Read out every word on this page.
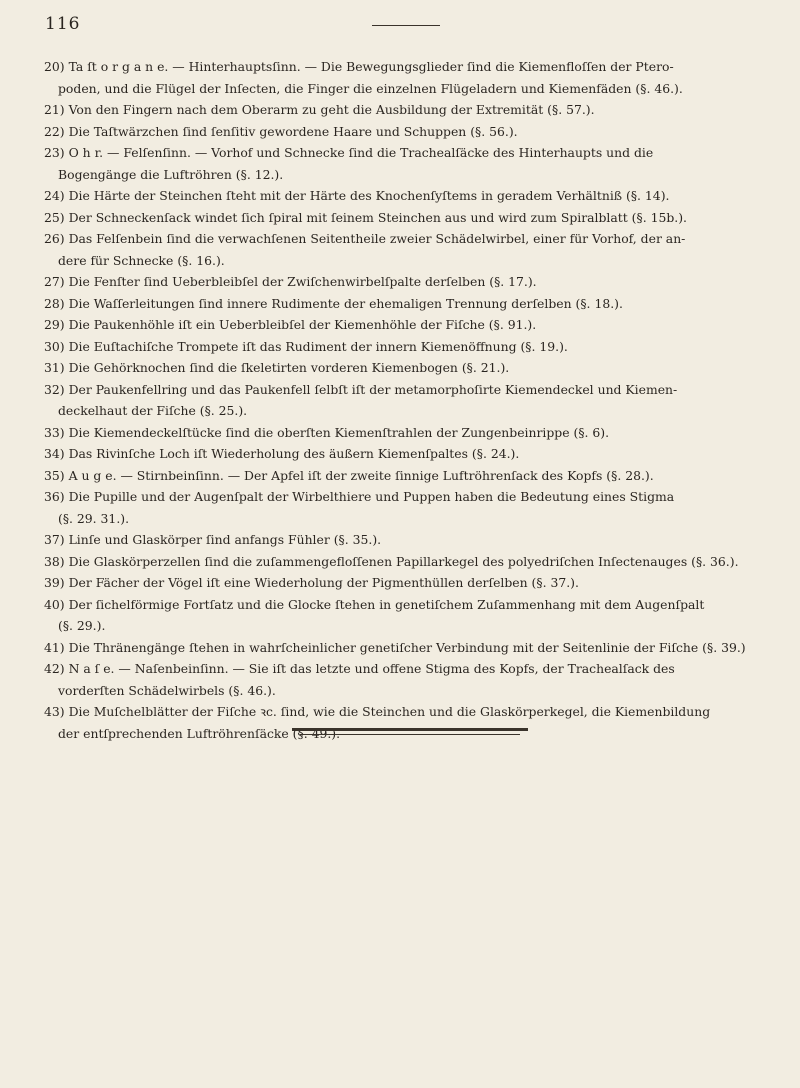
116
20) Ta ſt o r g a n e. — Hinterhauptsſinn. — Die Bewegungsglieder ſind die Kiemenfloſſen der Ptero-
poden, und die Flügel der Inſecten, die Finger die einzelnen Flügeladern und Kiemenfäden (§. 46.).
21) Von den Fingern nach dem Oberarm zu geht die Ausbildung der Extremität (§. 57.).
22) Die Taſtwärzchen ſind ſenſitiv gewordene Haare und Schuppen (§. 56.).
23) O h r. — Felſenſinn. — Vorhof und Schnecke ſind die Trachealſäcke des Hinterhaupts und die
Bogengänge die Luftröhren (§. 12.).
24) Die Härte der Steinchen ſteht mit der Härte des Knochenſyſtems in geradem Verhältniß (§. 14).
25) Der Schneckenſack windet ſich ſpiral mit ſeinem Steinchen aus und wird zum Spiralblatt (§. 15b.).
26) Das Felſenbein ſind die verwachſenen Seitentheile zweier Schädelwirbel, einer für Vorhof, der an-
dere für Schnecke (§. 16.).
27) Die Fenſter ſind Ueberbleibſel der Zwiſchenwirbelſpalte derſelben (§. 17.).
28) Die Waſſerleitungen ſind innere Rudimente der ehemaligen Trennung derſelben (§. 18.).
29) Die Paukenhöhle iſt ein Ueberbleibſel der Kiemenhöhle der Fiſche (§. 91.).
30) Die Euſtachiſche Trompete iſt das Rudiment der innern Kiemenöffnung (§. 19.).
31) Die Gehörknochen ſind die ſkeletirten vorderen Kiemenbogen (§. 21.).
32) Der Paukenfellring und das Paukenfell ſelbſt iſt der metamorphoſirte Kiemendeckel und Kiemen-
deckelhaut der Fiſche (§. 25.).
33) Die Kiemendeckelſtücke ſind die oberſten Kiemenſtrahlen der Zungenbeinrippe (§. 6).
34) Das Rivinſche Loch iſt Wiederholung des äußern Kiemenſpaltes (§. 24.).
35) A u g e. — Stirnbeinſinn. — Der Apfel iſt der zweite ſinnige Luftröhrenſack des Kopfs (§. 28.).
36) Die Pupille und der Augenſpalt der Wirbelthiere und Puppen haben die Bedeutung eines Stigma
(§. 29. 31.).
37) Linſe und Glaskörper ſind anfangs Fühler (§. 35.).
38) Die Glaskörperzellen ſind die zuſammengefloſſenen Papillarkegel des polyedriſchen Inſectenauges (§. 36.).
39) Der Fächer der Vögel iſt eine Wiederholung der Pigmenthüllen derſelben (§. 37.).
40) Der ſichelförmige Fortſatz und die Glocke ſtehen in genetiſchem Zuſammenhang mit dem Augenſpalt
(§. 29.).
41) Die Thränengänge ſtehen in wahrſcheinlicher genetiſcher Verbindung mit der Seitenlinie der Fiſche (§. 39.)
42) N a ſ e. — Naſenbeinſinn. — Sie iſt das letzte und offene Stigma des Kopfs, der Trachealſack des
vorderſten Schädelwirbels (§. 46.).
43) Die Muſchelblätter der Fiſche ꝛc. ſind, wie die Steinchen und die Glaskörperkegel, die Kiemenbildung
der entſprechenden Luftröhrenſäcke (§. 49.).
